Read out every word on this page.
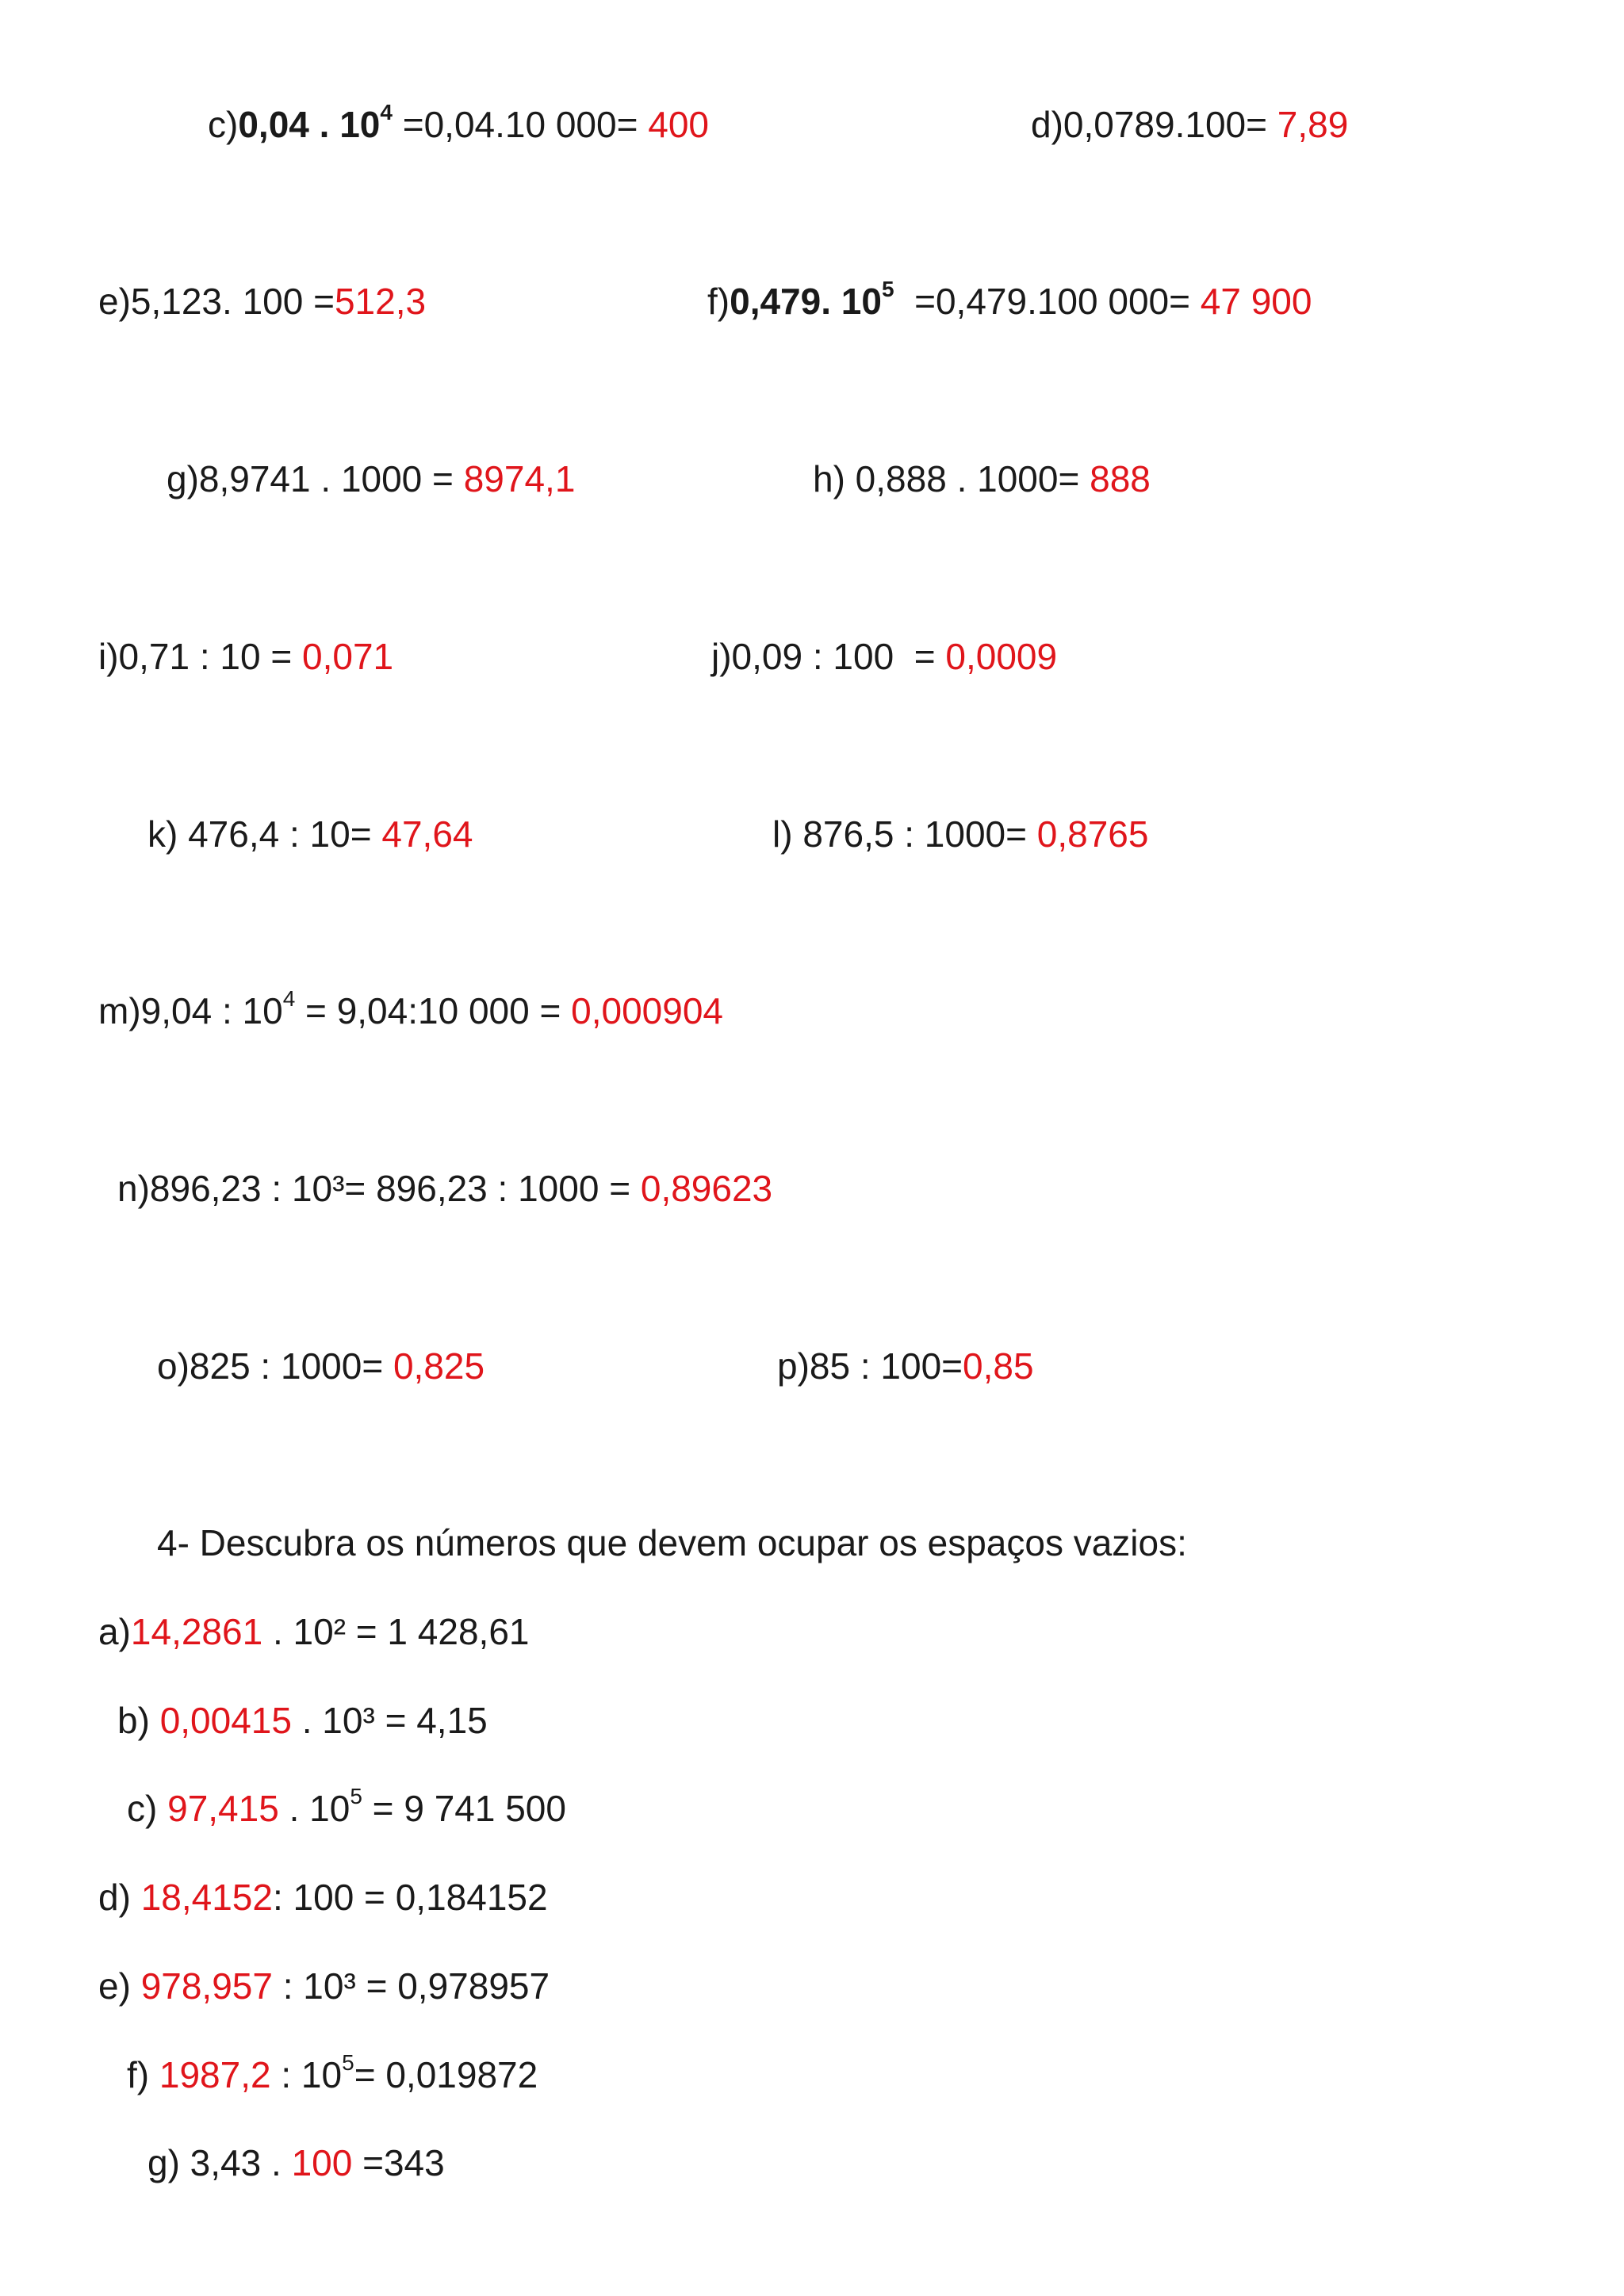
c)0,04 . $10^4 =0,04.10$ 000= 400	d)0,0789.100= 7,89
e)5,123. 100 =512,3	f)0,479. $10^5 =0,479.100$ 000= 47 900
g)8,9741 . 1000 = 8974,1	h) 0,888 . 1000= 888
i)0,71 : 10 = 0,071	j)0,09 : 100  = 0,0009
k) 476,4 : 10= 47,64	l) 876,5 : 1000= 0,8765
m)9,04 : $10^4$ = 9,04:10 000 = 0,000904
n)896,23 : 10³= 896,23 : 1000 = 0,89623
o)825 : 1000= 0,825	p)85 : 100=0,85
4- Descubra os números que devem ocupar os espaços vazios:
a)14,2861 . 10² = 1 428,61
b) 0,00415 . 10³ = 4,15
c) 97,415 . $10^5 = 9$ 741 500
d) 18,4152: 100 = 0,184152
e) 978,957 : 10³ = 0,978957
f) 1987,2 : $10^5= 0,019872$
g) 3,43 . 100 =343
